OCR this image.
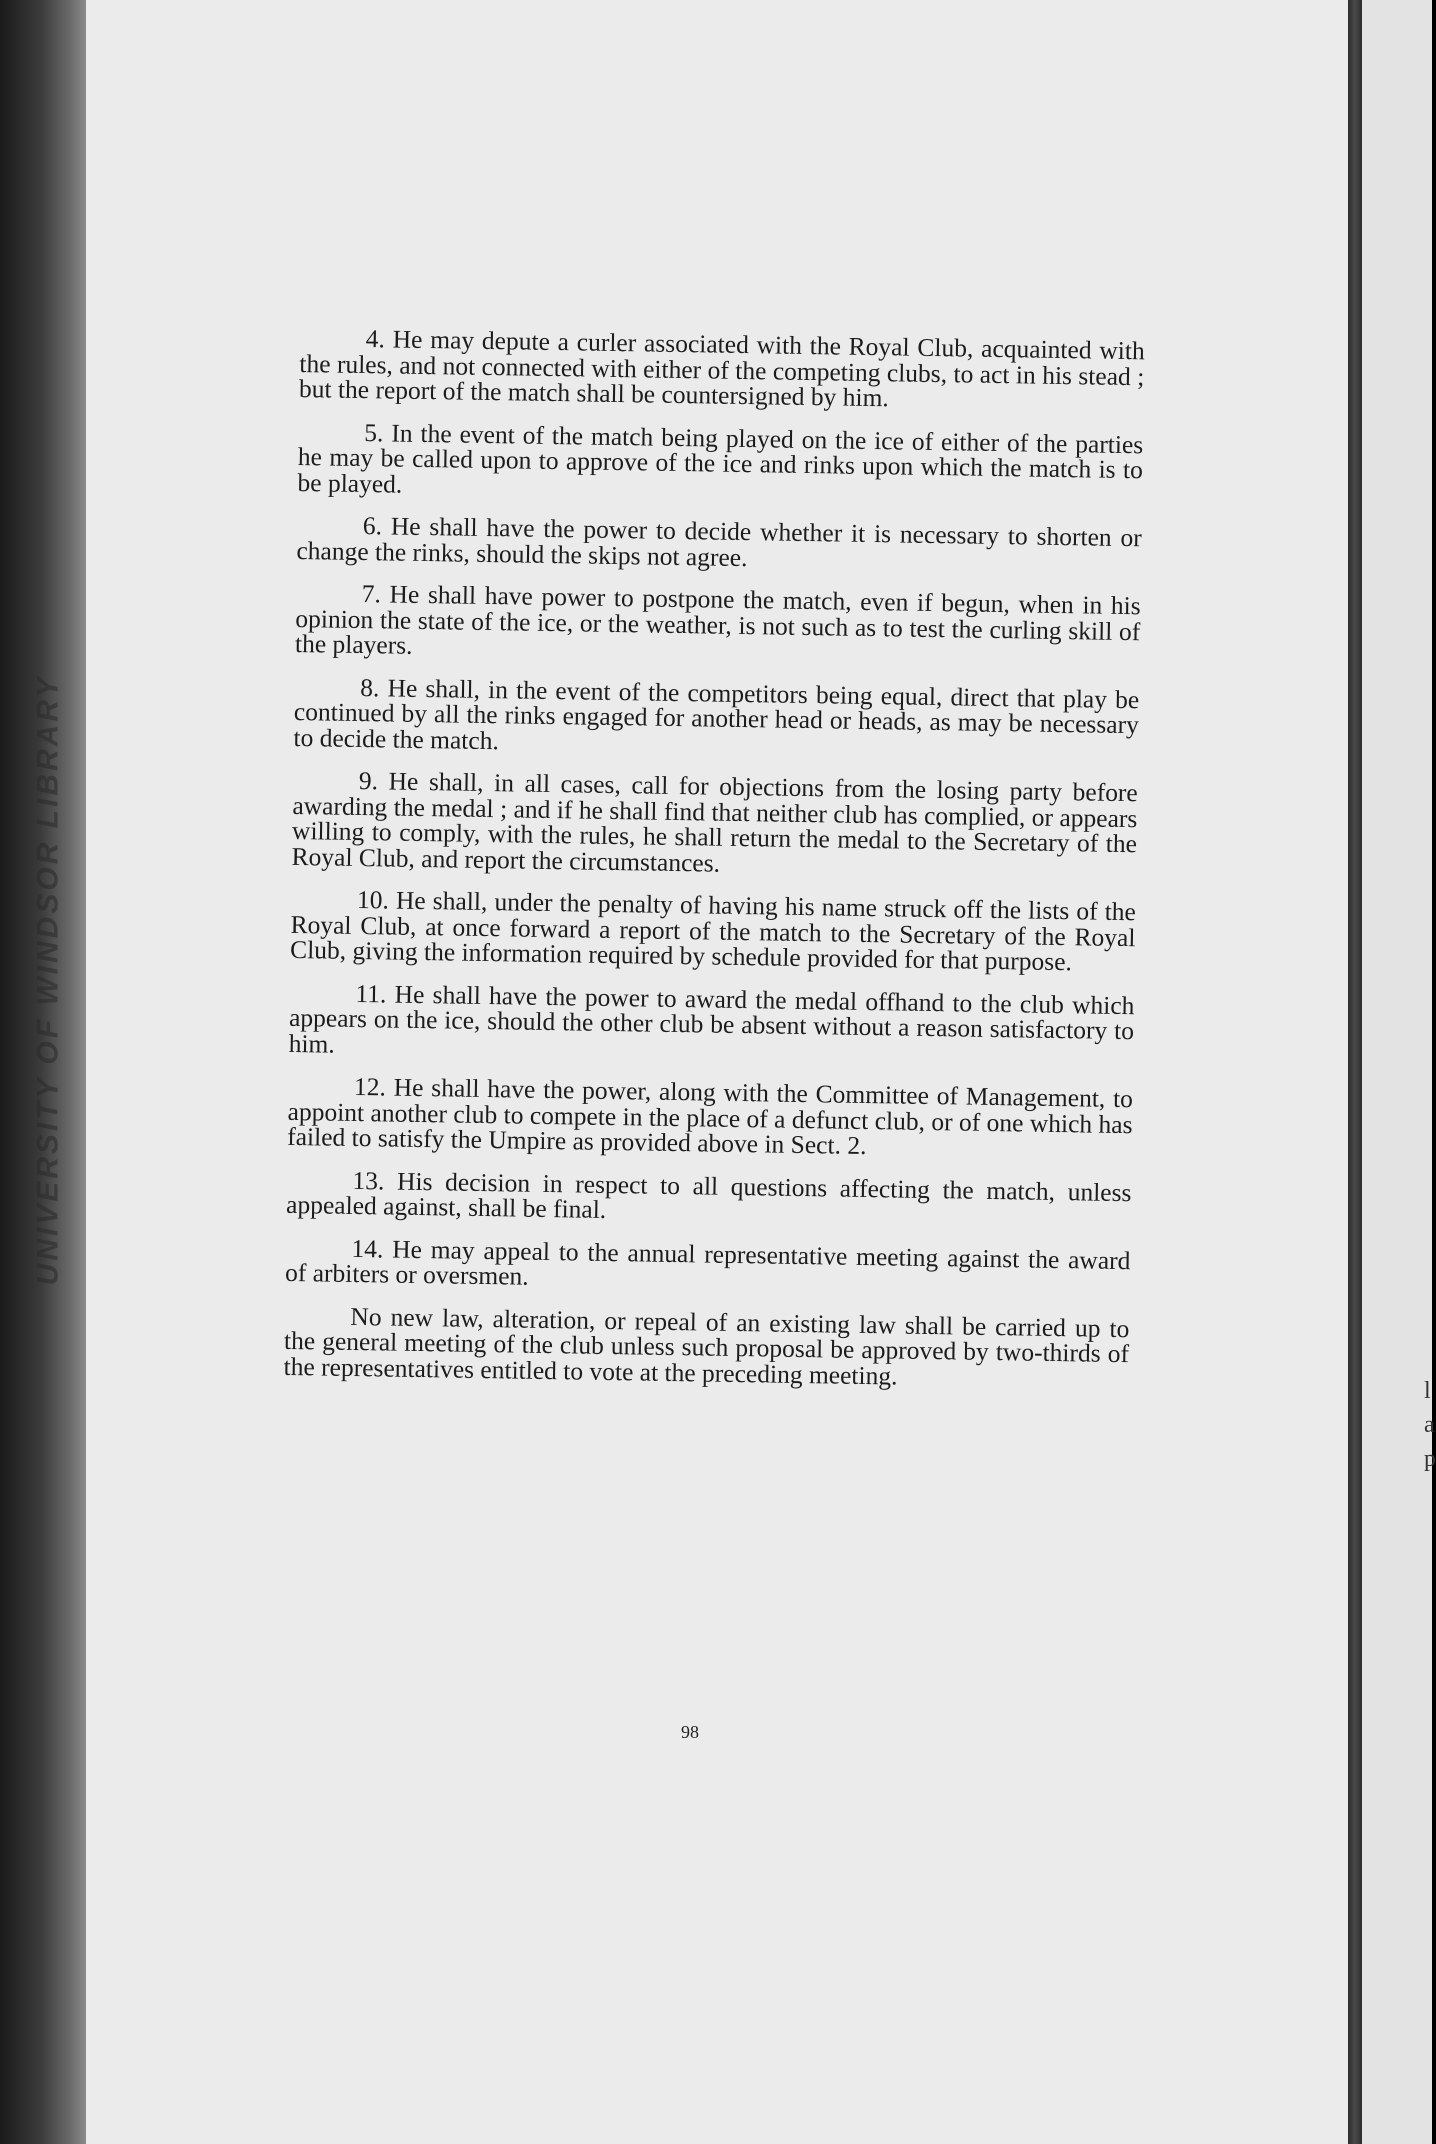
UNIVERSITY OF WINDSOR LIBRARY
l
a
p

4. He may depute a curler associated with the Royal Club, acquainted with the rules, and not connected with either of the competing clubs, to act in his stead ; but the report of the match shall be countersigned by him.

5. In the event of the match being played on the ice of either of the parties he may be called upon to approve of the ice and rinks upon which the match is to be played.

6. He shall have the power to decide whether it is necessary to shorten or change the rinks, should the skips not agree.

7. He shall have power to postpone the match, even if begun, when in his opinion the state of the ice, or the weather, is not such as to test the curling skill of the players.

8. He shall, in the event of the competitors being equal, direct that play be continued by all the rinks engaged for another head or heads, as may be necessary to decide the match.

9. He shall, in all cases, call for objections from the losing party before awarding the medal ; and if he shall find that neither club has complied, or appears willing to comply, with the rules, he shall return the medal to the Secretary of the Royal Club, and report the circumstances.

10. He shall, under the penalty of having his name struck off the lists of the Royal Club, at once forward a report of the match to the Secretary of the Royal Club, giving the information required by schedule provided for that purpose.

11. He shall have the power to award the medal offhand to the club which appears on the ice, should the other club be absent without a reason satisfactory to him.

12. He shall have the power, along with the Committee of Management, to appoint another club to compete in the place of a defunct club, or of one which has failed to satisfy the Umpire as provided above in Sect. 2.

13. His decision in respect to all questions affecting the match, unless appealed against, shall be final.

14. He may appeal to the annual representative meeting against the award of arbiters or oversmen.

No new law, alteration, or repeal of an existing law shall be carried up to the general meeting of the club unless such proposal be approved by two-thirds of the representatives entitled to vote at the preceding meeting.

98
